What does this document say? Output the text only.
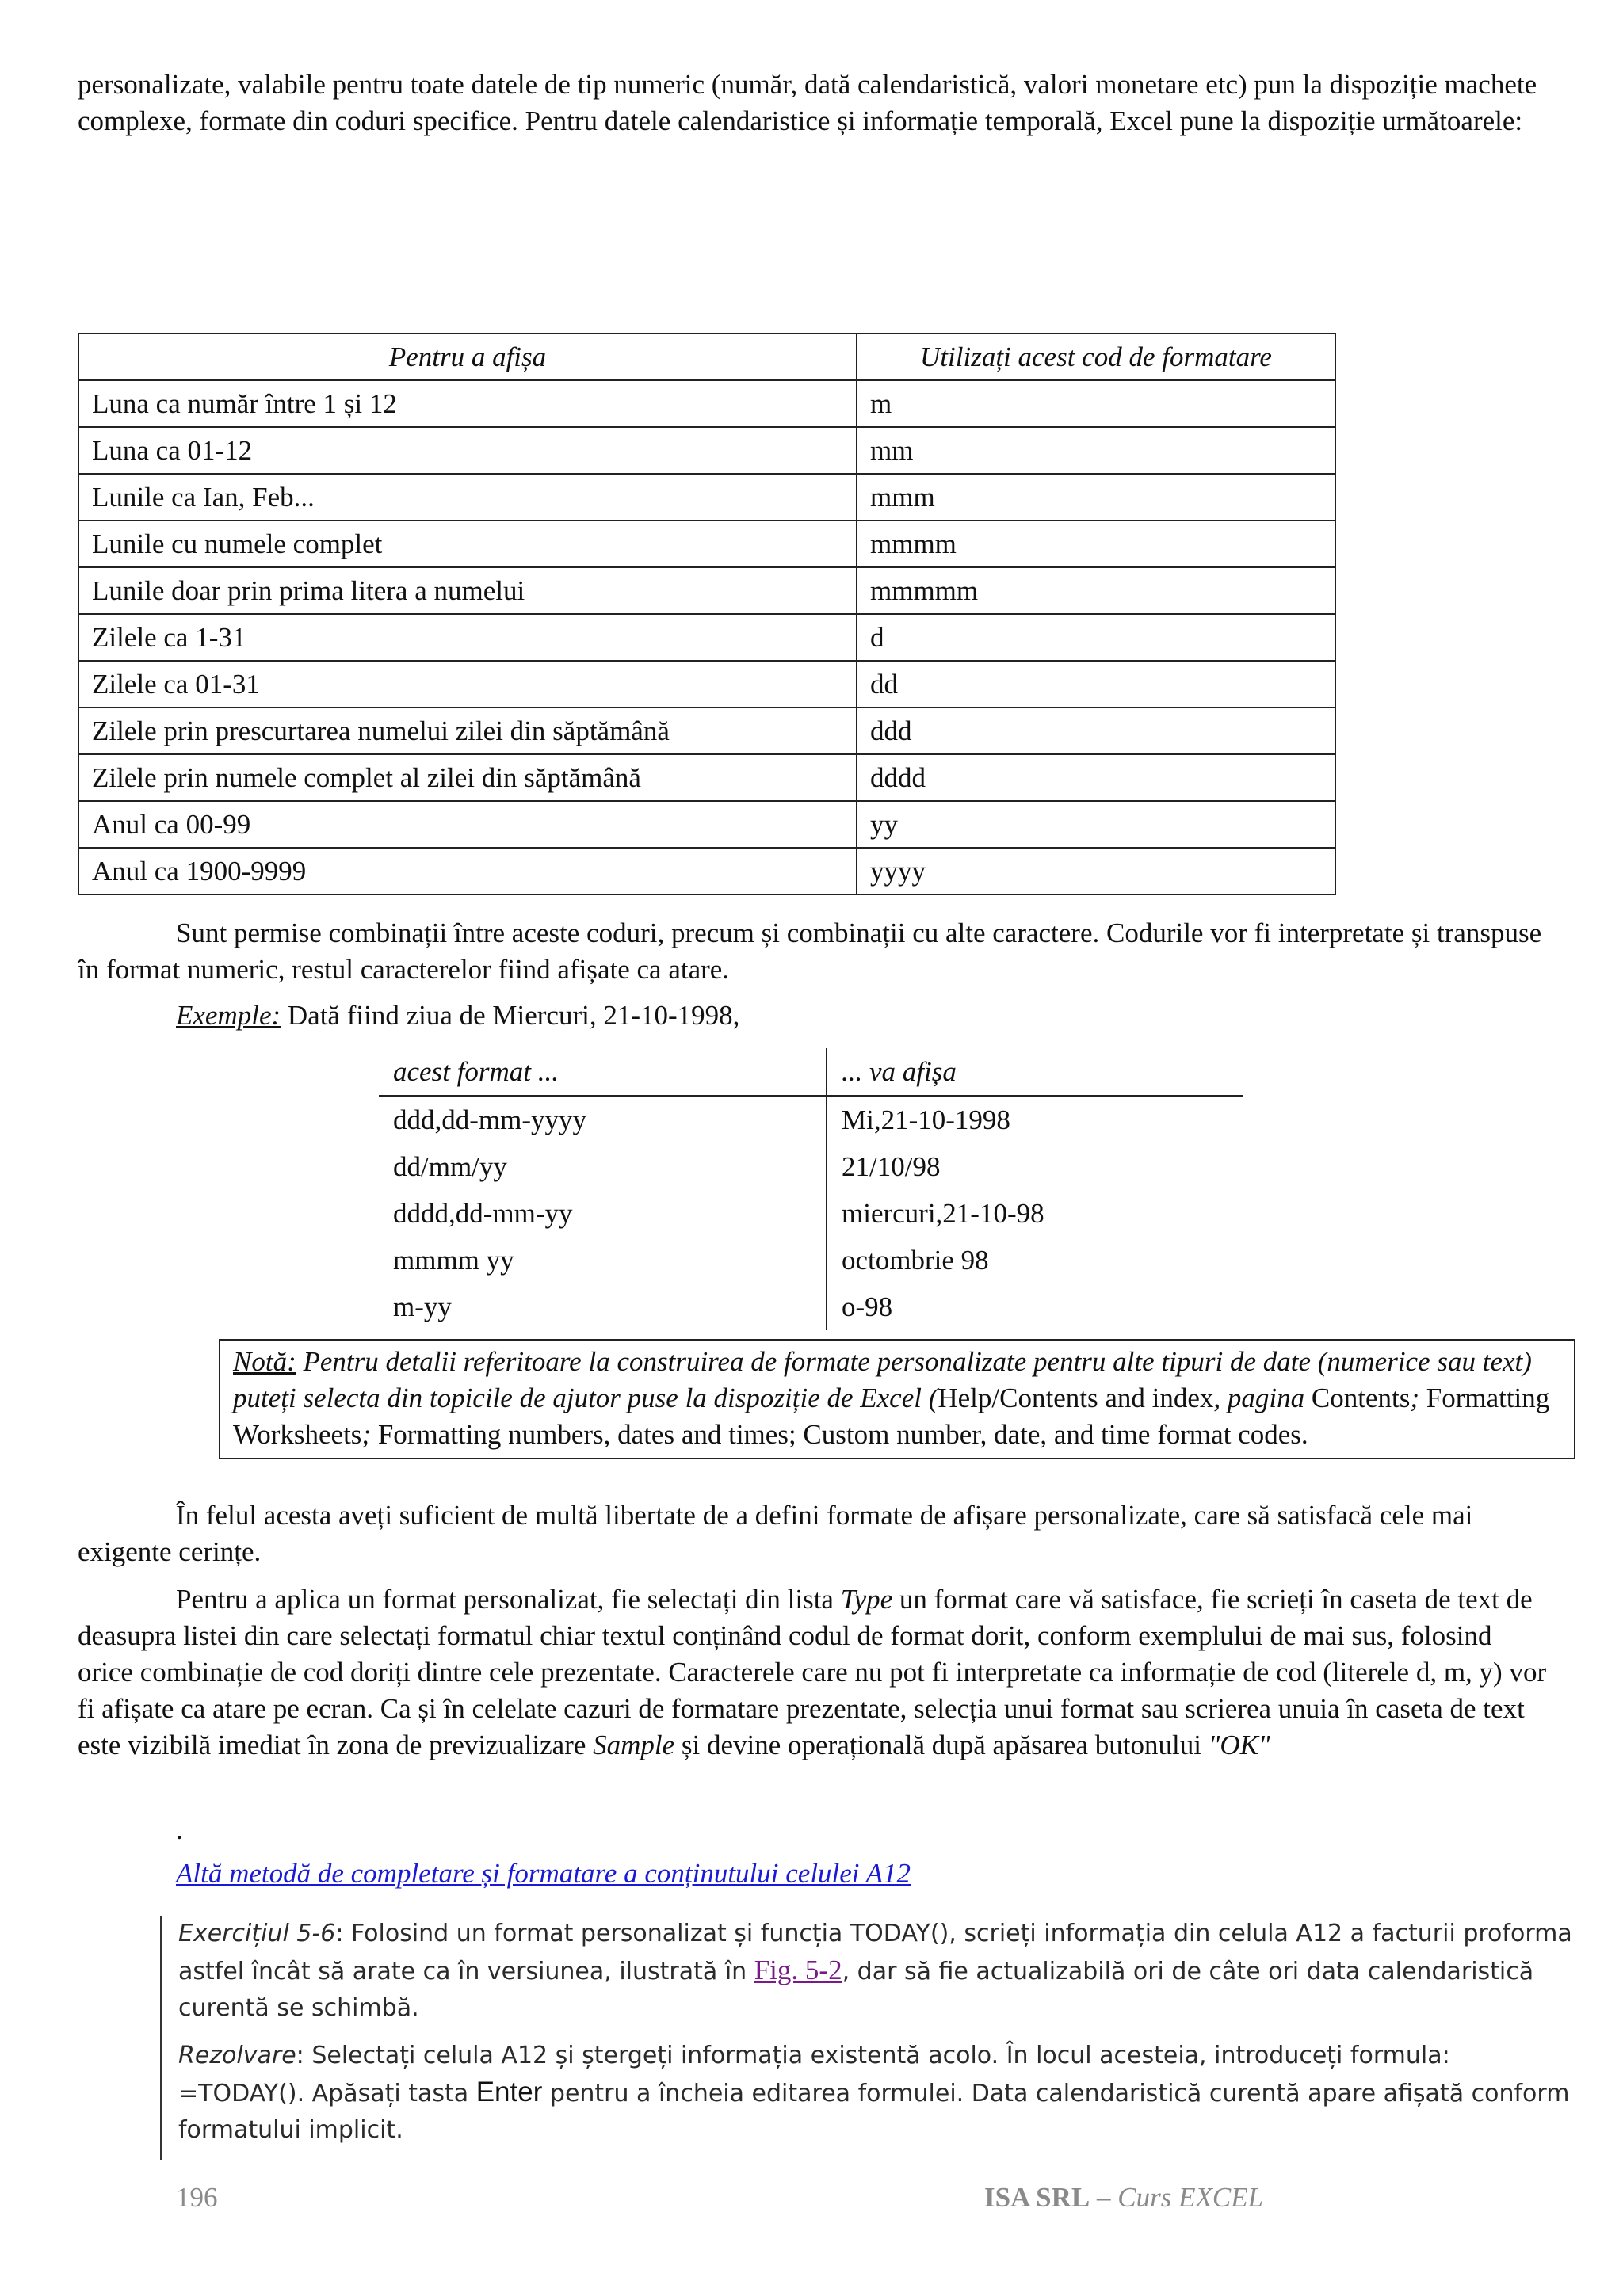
personalizate, valabile pentru toate datele de tip numeric (număr, dată calendaristică, valori monetare etc) pun la dispoziție machete complexe, formate din coduri specifice. Pentru datele calendaristice și informație temporală, Excel pune la dispoziție următoarele:

Pentru a afișa	Utilizați acest cod de formatare
Luna ca număr între 1 și 12	m
Luna ca 01-12	mm
Lunile ca Ian, Feb...	mmm
Lunile cu numele complet	mmmm
Lunile doar prin prima litera a numelui	mmmmm
Zilele ca 1-31	d
Zilele ca 01-31	dd
Zilele prin prescurtarea numelui zilei din săptămână	ddd
Zilele prin numele complet al zilei din săptămână	dddd
Anul ca 00-99	yy
Anul ca 1900-9999	yyyy

Sunt permise combinații între aceste coduri, precum și combinații cu alte caractere. Codurile vor fi interpretate și transpuse în format numeric, restul caracterelor fiind afișate ca atare.

Exemple: Dată fiind ziua de Miercuri, 21-10-1998,
acest format ...	... va afișa
ddd,dd-mm-yyyy	Mi,21-10-1998
dd/mm/yy	21/10/98
dddd,dd-mm-yy	miercuri,21-10-98
mmmm yy	octombrie 98
m-yy	o-98
Notă: Pentru detalii referitoare la construirea de formate personalizate pentru alte tipuri de date (numerice sau text) puteți selecta din topicile de ajutor puse la dispoziție de Excel (Help/Contents and index, pagina Contents; Formatting Worksheets; Formatting numbers, dates and times; Custom number, date, and time format codes.

În felul acesta aveți suficient de multă libertate de a defini formate de afișare personalizate, care să satisfacă cele mai exigente cerințe.

Pentru a aplica un format personalizat, fie selectați din lista Type un format care vă satisface, fie scrieți în caseta de text de deasupra listei din care selectați formatul chiar textul conținând codul de format dorit, conform exemplului de mai sus, folosind orice combinație de cod doriți dintre cele prezentate. Caracterele care nu pot fi interpretate ca informație de cod (literele d, m, y) vor fi afișate ca atare pe ecran. Ca și în celelate cazuri de formatare prezentate, selecția unui format sau scrierea unuia în caseta de text este vizibilă imediat în zona de previzualizare Sample și devine operațională după apăsarea butonului "OK"

.
Altă metodă de completare și formatare a conținutului celulei A12

Exercițiul 5-6: Folosind un format personalizat și funcția TODAY(), scrieți informația din celula A12 a facturii proforma astfel încât să arate ca în versiunea, ilustrată în Fig. 5-2, dar să fie actualizabilă ori de câte ori data calendaristică curentă se schimbă.

Rezolvare: Selectați celula A12 și ștergeți informația existentă acolo. În locul acesteia, introduceți formula: =TODAY(). Apăsați tasta Enter pentru a încheia editarea formulei. Data calendaristică curentă apare afișată conform formatului implicit.

196	ISA SRL – Curs EXCEL
